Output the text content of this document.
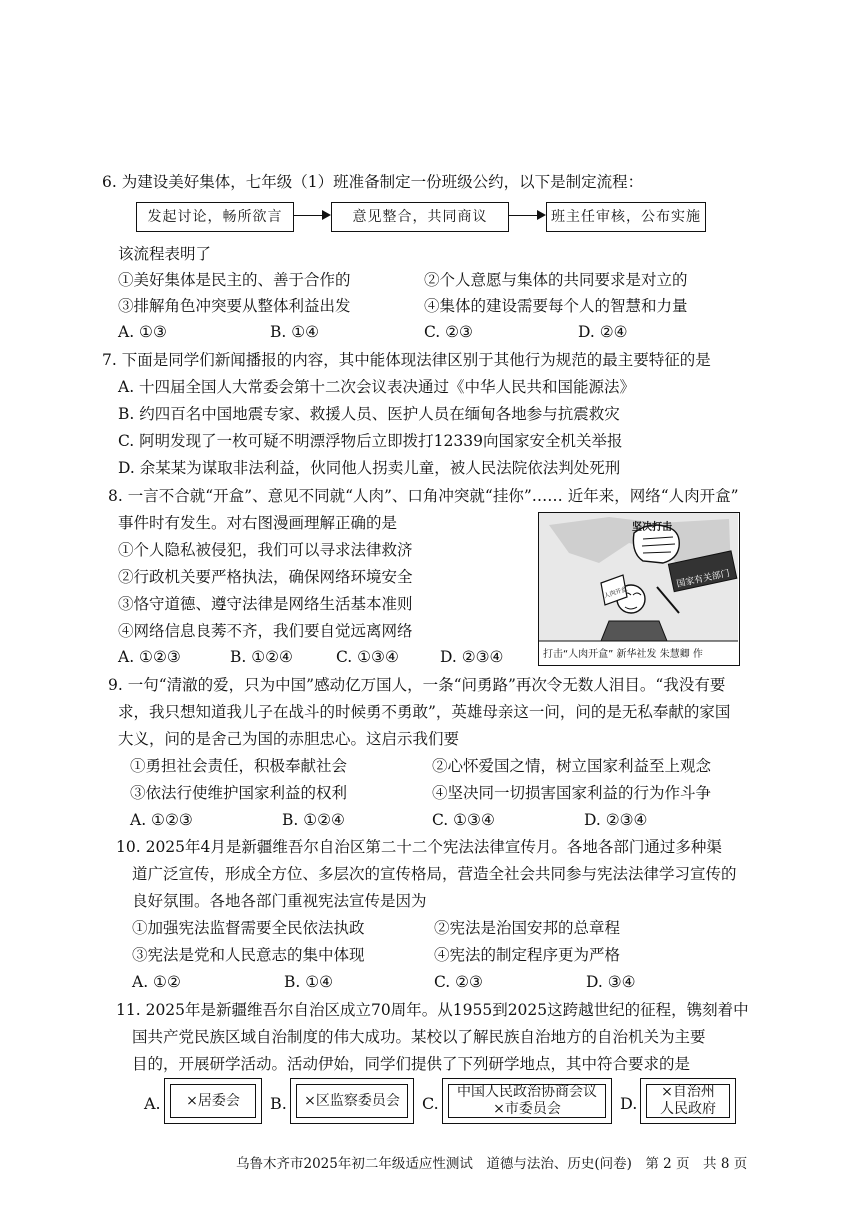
6. 为建设美好集体，七年级（1）班准备制定一份班级公约，以下是制定流程：
发起讨论，畅所欲言	意见整合，共同商议	班主任审核，公布实施
该流程表明了
①美好集体是民主的、善于合作的	②个人意愿与集体的共同要求是对立的
③排解角色冲突要从整体利益出发	④集体的建设需要每个人的智慧和力量
A. ①③	B. ①④	C. ②③	D. ②④
7. 下面是同学们新闻播报的内容，其中能体现法律区别于其他行为规范的最主要特征的是
A. 十四届全国人大常委会第十二次会议表决通过《中华人民共和国能源法》
B. 约四百名中国地震专家、救援人员、医护人员在缅甸各地参与抗震救灾
C. 阿明发现了一枚可疑不明漂浮物后立即拨打12339向国家安全机关举报
D. 余某某为谋取非法利益，伙同他人拐卖儿童，被人民法院依法判处死刑
8. 一言不合就“开盒”、意见不同就“人肉”、口角冲突就“挂你”…… 近年来，网络“人肉开盒”
事件时有发生。对右图漫画理解正确的是
①个人隐私被侵犯，我们可以寻求法律救济
②行政机关要严格执法，确保网络环境安全
③恪守道德、遵守法律是网络生活基本准则
④网络信息良莠不齐，我们要自觉远离网络
A. ①②③	B. ①②④	C. ①③④	D. ②③④
坚决打击
国家有关部门
人肉开盒
打击“人肉开盒” 新华社发 朱慧卿 作
9. 一句“清澈的爱，只为中国”感动亿万国人，一条“问勇路”再次令无数人泪目。“我没有要
求，我只想知道我儿子在战斗的时候勇不勇敢”，英雄母亲这一问，问的是无私奉献的家国
大义，问的是舍己为国的赤胆忠心。这启示我们要
①勇担社会责任，积极奉献社会	②心怀爱国之情，树立国家利益至上观念
③依法行使维护国家利益的权利	④坚决同一切损害国家利益的行为作斗争
A. ①②③	B. ①②④	C. ①③④	D. ②③④
10. 2025年4月是新疆维吾尔自治区第二十二个宪法法律宣传月。各地各部门通过多种渠
道广泛宣传，形成全方位、多层次的宣传格局，营造全社会共同参与宪法法律学习宣传的
良好氛围。各地各部门重视宪法宣传是因为
①加强宪法监督需要全民依法执政	②宪法是治国安邦的总章程
③宪法是党和人民意志的集中体现	④宪法的制定程序更为严格
A. ①②	B. ①④	C. ②③	D. ③④
11. 2025年是新疆维吾尔自治区成立70周年。从1955到2025这跨越世纪的征程，镌刻着中
国共产党民族区域自治制度的伟大成功。某校以了解民族自治地方的自治机关为主要
目的，开展研学活动。活动伊始，同学们提供了下列研学地点，其中符合要求的是
A. ×居委会 B. ×区监察委员会 C.
中国人民政治协商会议
×市委员会	D.
×自治州
人民政府
乌鲁木齐市2025年初二年级适应性测试　道德与法治、历史(问卷)　第 2 页　共 8 页
